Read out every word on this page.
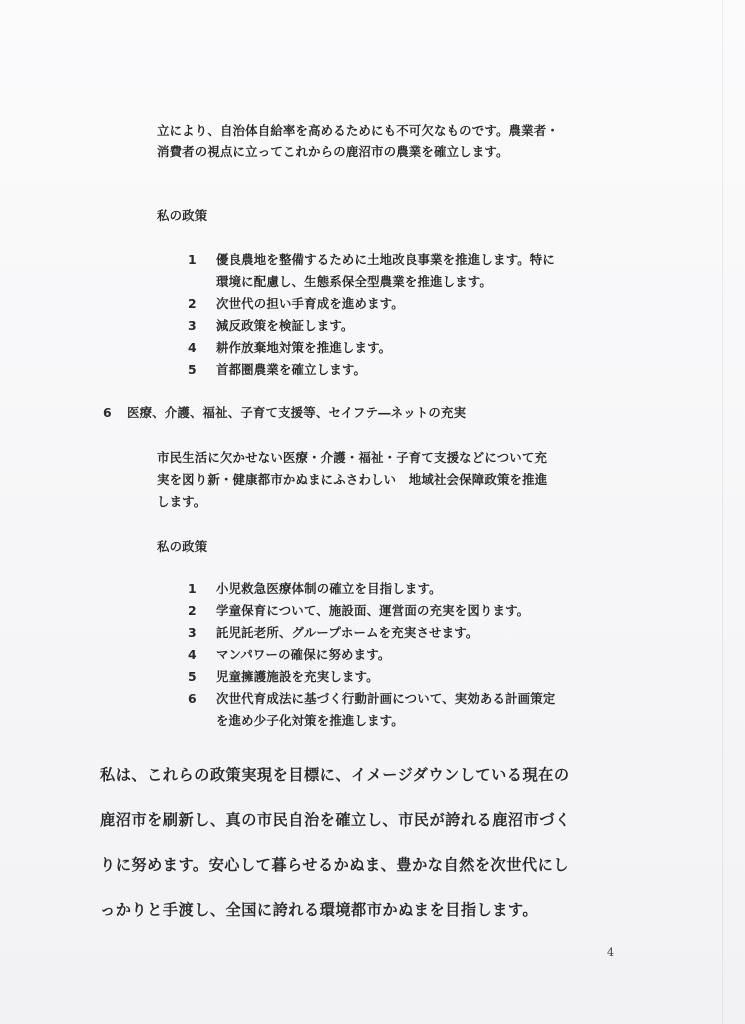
立により、自治体自給率を高めるためにも不可欠なものです。農業者・
消費者の視点に立ってこれからの鹿沼市の農業を確立します。
私の政策
1 優良農地を整備するために土地改良事業を推進します。特に
環境に配慮し、生態系保全型農業を推進します。
2 次世代の担い手育成を進めます。
3 減反政策を検証します。
4 耕作放棄地対策を推進します。
5 首都圏農業を確立します。
6 医療、介護、福祉、子育て支援等、セイフテ―ネットの充実
市民生活に欠かせない医療・介護・福祉・子育て支援などについて充
実を図り新・健康都市かぬまにふさわしい　地域社会保障政策を推進
します。
私の政策
1 小児救急医療体制の確立を目指します。
2 学童保育について、施設面、運営面の充実を図ります。
3 託児託老所、グループホームを充実させます。
4 マンパワーの確保に努めます。
5 児童擁護施設を充実します。
6 次世代育成法に基づく行動計画について、実効ある計画策定
を進め少子化対策を推進します。
私は、これらの政策実現を目標に、イメージダウンしている現在の
鹿沼市を刷新し、真の市民自治を確立し、市民が誇れる鹿沼市づく
りに努めます。安心して暮らせるかぬま、豊かな自然を次世代にし
っかりと手渡し、全国に誇れる環境都市かぬまを目指します。
4
